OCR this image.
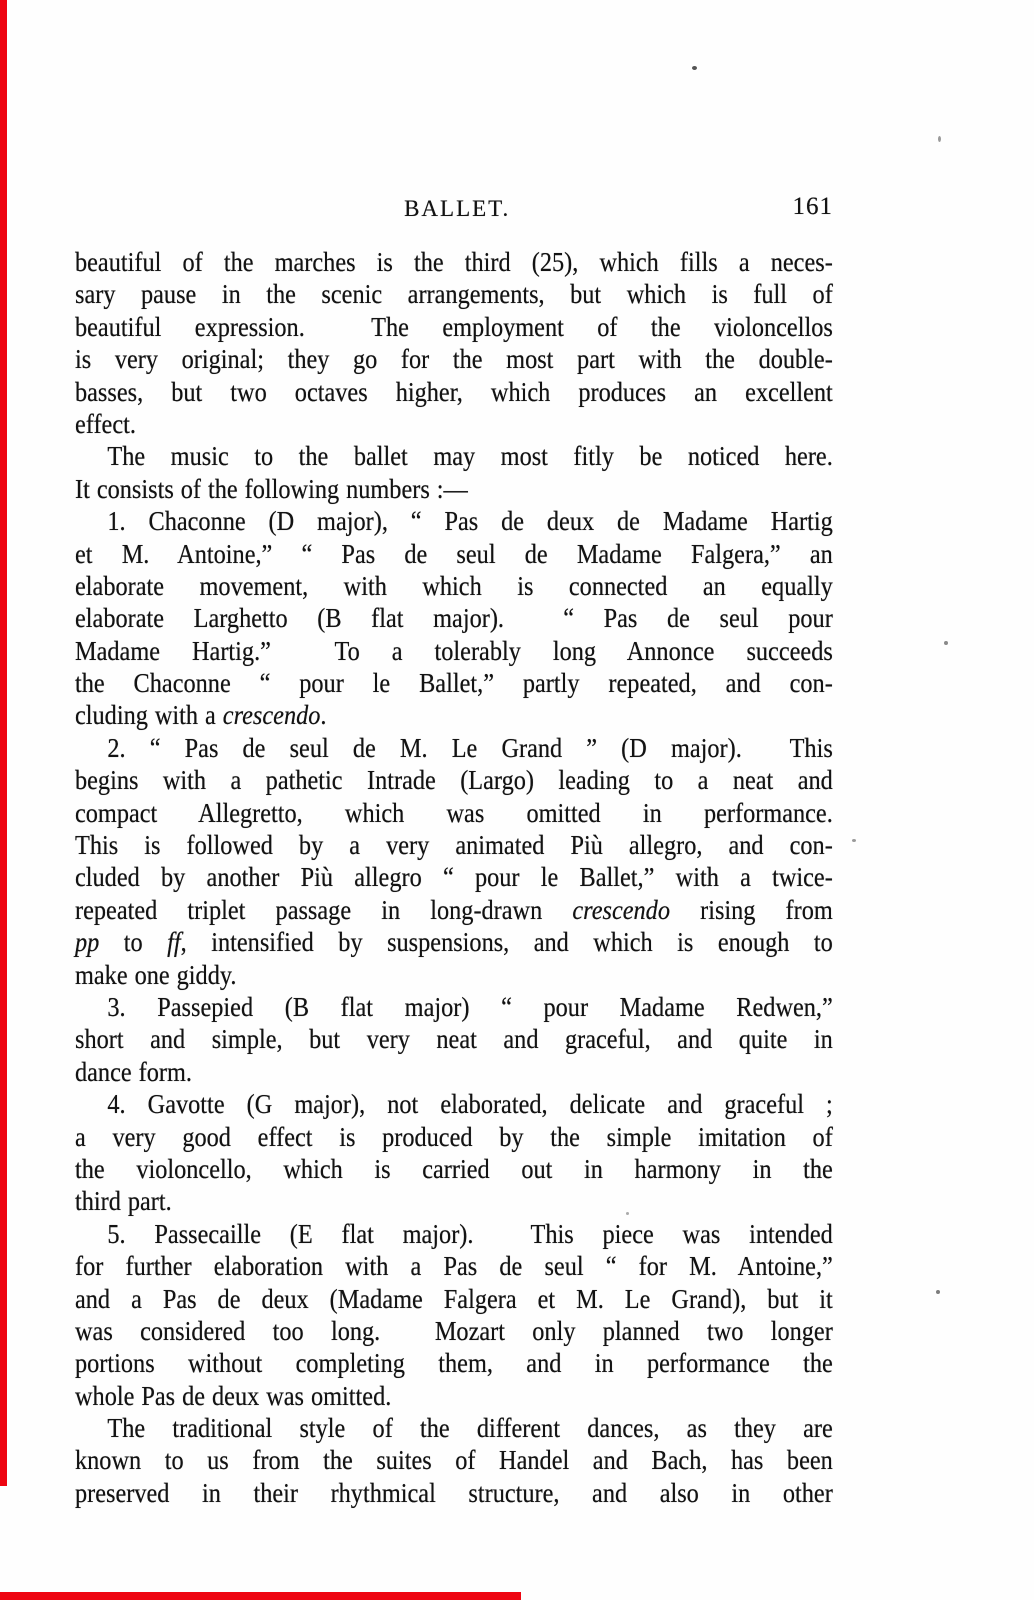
BALLET.	161
beautiful of the marches is the third (25), which fills a neces-
sary pause in the scenic arrangements, but which is full of
beautiful expression.  The employment of the violoncellos
is very original; they go for the most part with the double-
basses, but two octaves higher, which produces an excellent
effect.
The music to the ballet may most fitly be noticed here.
It consists of the following numbers :—
1. Chaconne (D major), “ Pas de deux de Madame Hartig
et M. Antoine,” “ Pas de seul de Madame Falgera,” an
elaborate movement, with which is connected an equally
elaborate Larghetto (B flat major).  “ Pas de seul pour
Madame Hartig.”  To a tolerably long Annonce succeeds
the Chaconne “ pour le Ballet,” partly repeated, and con-
cluding with a crescendo.
2. “ Pas de seul de M. Le Grand ” (D major).  This
begins with a pathetic Intrade (Largo) leading to a neat and
compact Allegretto, which was omitted in performance.
This is followed by a very animated Più allegro, and con-
cluded by another Più allegro “ pour le Ballet,” with a twice-
repeated triplet passage in long-drawn crescendo rising from
pp to ff, intensified by suspensions, and which is enough to
make one giddy.
3. Passepied (B flat major) “ pour Madame Redwen,”
short and simple, but very neat and graceful, and quite in
dance form.
4. Gavotte (G major), not elaborated, delicate and graceful ;
a very good effect is produced by the simple imitation of
the violoncello, which is carried out in harmony in the
third part.
5. Passecaille (E flat major).  This piece was intended
for further elaboration with a Pas de seul “ for M. Antoine,”
and a Pas de deux (Madame Falgera et M. Le Grand), but it
was considered too long.  Mozart only planned two longer
portions without completing them, and in performance the
whole Pas de deux was omitted.
The traditional style of the different dances, as they are
known to us from the suites of Handel and Bach, has been
preserved in their rhythmical structure, and also in other
